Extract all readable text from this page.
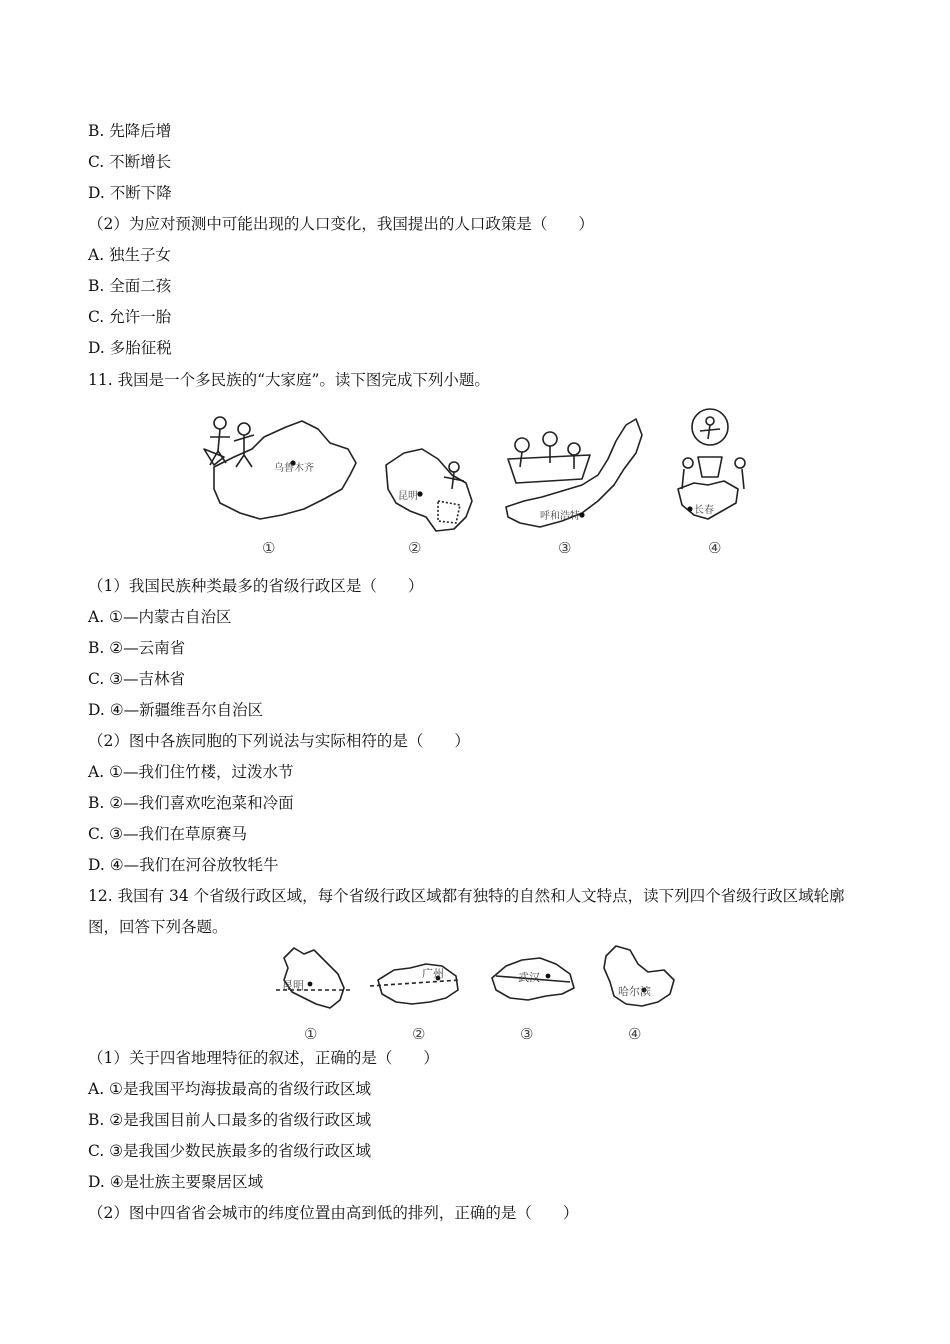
B. 先降后增
C. 不断增长
D. 不断下降
（2）为应对预测中可能出现的人口变化，我国提出的人口政策是（　　）
A. 独生子女
B. 全面二孩
C. 允许一胎
D. 多胎征税
11. 我国是一个多民族的“大家庭”。读下图完成下列小题。
乌鲁木齐
昆明
呼和浩特
长春
①	②	③	④
（1）我国民族种类最多的省级行政区是（　　）
A. ①—内蒙古自治区
B. ②—云南省
C. ③—吉林省
D. ④—新疆维吾尔自治区
（2）图中各族同胞的下列说法与实际相符的是（　　）
A. ①—我们住竹楼，过泼水节
B. ②—我们喜欢吃泡菜和冷面
C. ③—我们在草原赛马
D. ④—我们在河谷放牧牦牛
12. 我国有 34 个省级行政区域，每个省级行政区域都有独特的自然和人文特点，读下列四个省级行政区域轮廓图，回答下列各题。
昆明
广州	武汉
哈尔滨
①	②	③	④
（1）关于四省地理特征的叙述，正确的是（　　）
A. ①是我国平均海拔最高的省级行政区域
B. ②是我国目前人口最多的省级行政区域
C. ③是我国少数民族最多的省级行政区域
D. ④是壮族主要聚居区域
（2）图中四省省会城市的纬度位置由高到低的排列，正确的是（　　）
